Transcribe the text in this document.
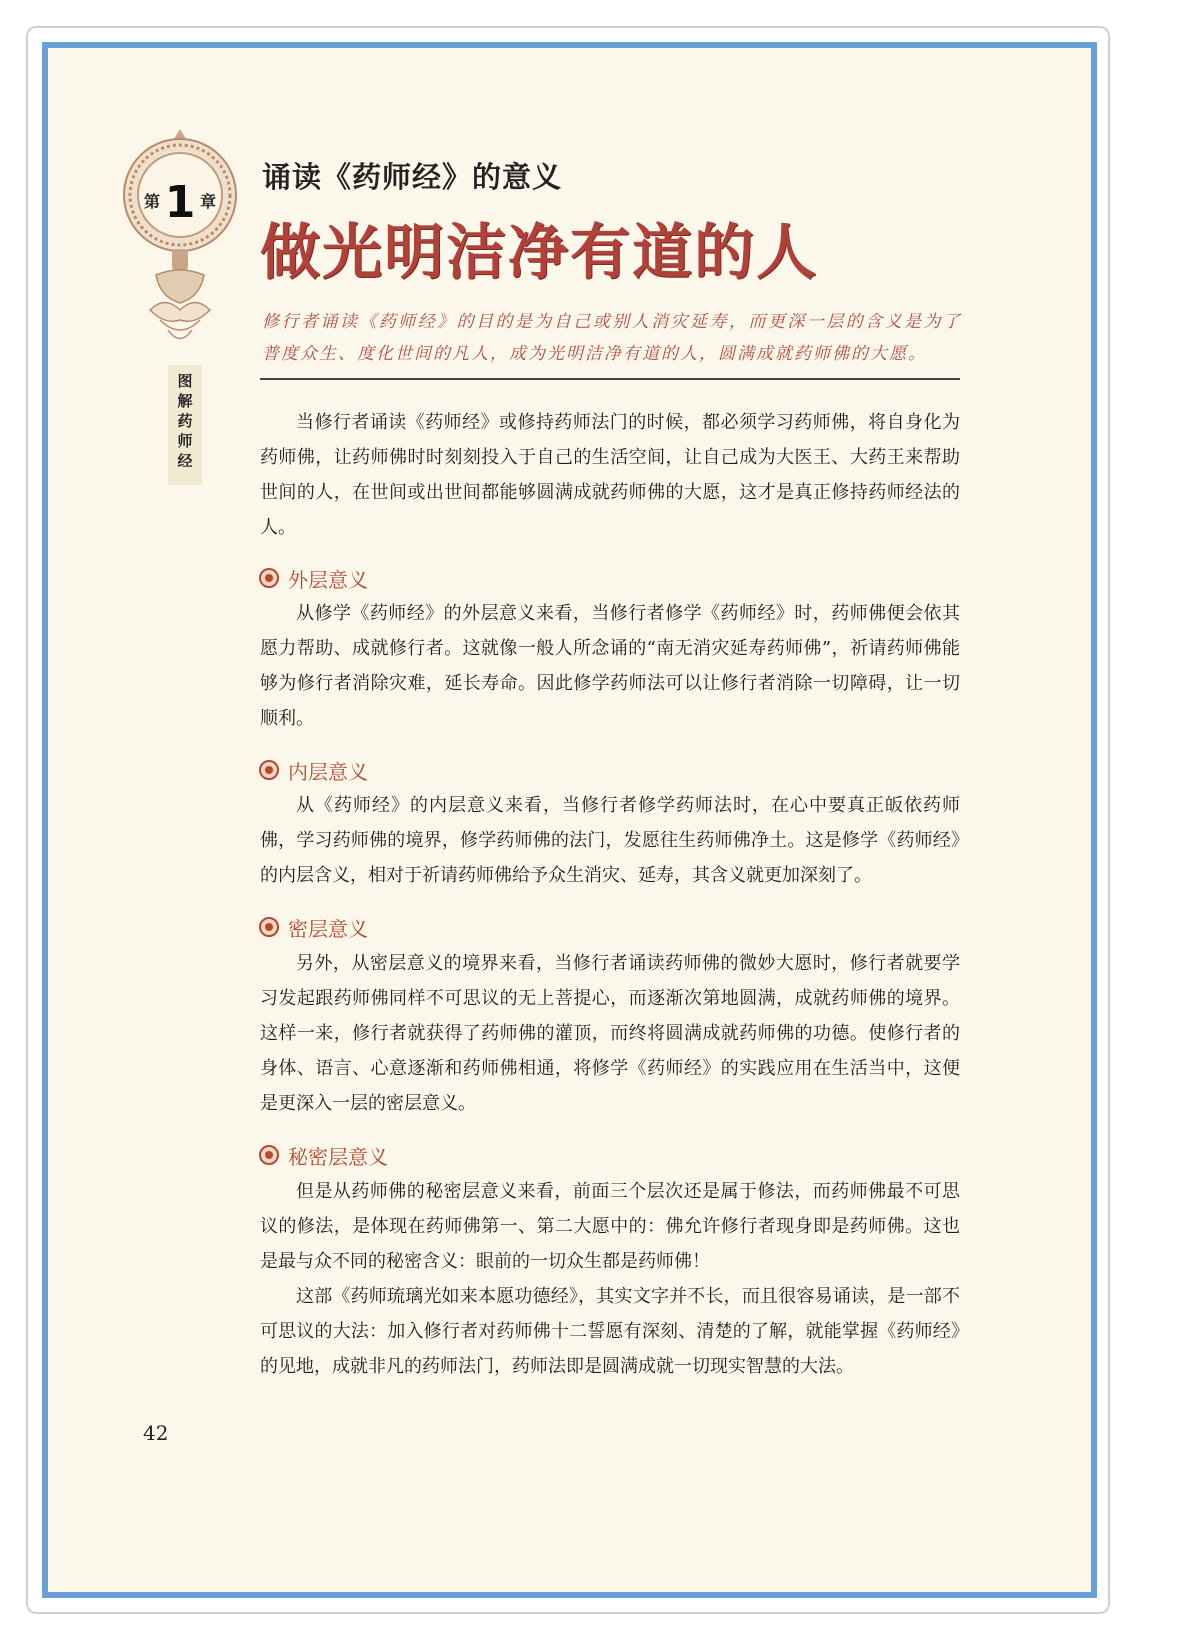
第 1 章
图
解
药
师
经
诵读《药师经》的意义
做光明洁净有道的人
修行者诵读《药师经》的目的是为自己或别人消灾延寿，而更深一层的含义是为了普度众生、度化世间的凡人，成为光明洁净有道的人，圆满成就药师佛的大愿。

当修行者诵读《药师经》或修持药师法门的时候，都必须学习药师佛，将自身化为药师佛，让药师佛时时刻刻投入于自己的生活空间，让自己成为大医王、大药王来帮助世间的人，在世间或出世间都能够圆满成就药师佛的大愿，这才是真正修持药师经法的人。

外层意义

从修学《药师经》的外层意义来看，当修行者修学《药师经》时，药师佛便会依其愿力帮助、成就修行者。这就像一般人所念诵的“南无消灾延寿药师佛”，祈请药师佛能够为修行者消除灾难，延长寿命。因此修学药师法可以让修行者消除一切障碍，让一切顺利。

内层意义

从《药师经》的内层意义来看，当修行者修学药师法时，在心中要真正皈依药师佛，学习药师佛的境界，修学药师佛的法门，发愿往生药师佛净土。这是修学《药师经》的内层含义，相对于祈请药师佛给予众生消灾、延寿，其含义就更加深刻了。

密层意义

另外，从密层意义的境界来看，当修行者诵读药师佛的微妙大愿时，修行者就要学习发起跟药师佛同样不可思议的无上菩提心，而逐渐次第地圆满，成就药师佛的境界。这样一来，修行者就获得了药师佛的灌顶，而终将圆满成就药师佛的功德。使修行者的身体、语言、心意逐渐和药师佛相通，将修学《药师经》的实践应用在生活当中，这便是更深入一层的密层意义。

秘密层意义

但是从药师佛的秘密层意义来看，前面三个层次还是属于修法，而药师佛最不可思议的修法，是体现在药师佛第一、第二大愿中的：佛允许修行者现身即是药师佛。这也是最与众不同的秘密含义：眼前的一切众生都是药师佛！

这部《药师琉璃光如来本愿功德经》，其实文字并不长，而且很容易诵读，是一部不可思议的大法：加入修行者对药师佛十二誓愿有深刻、清楚的了解，就能掌握《药师经》的见地，成就非凡的药师法门，药师法即是圆满成就一切现实智慧的大法。

42
